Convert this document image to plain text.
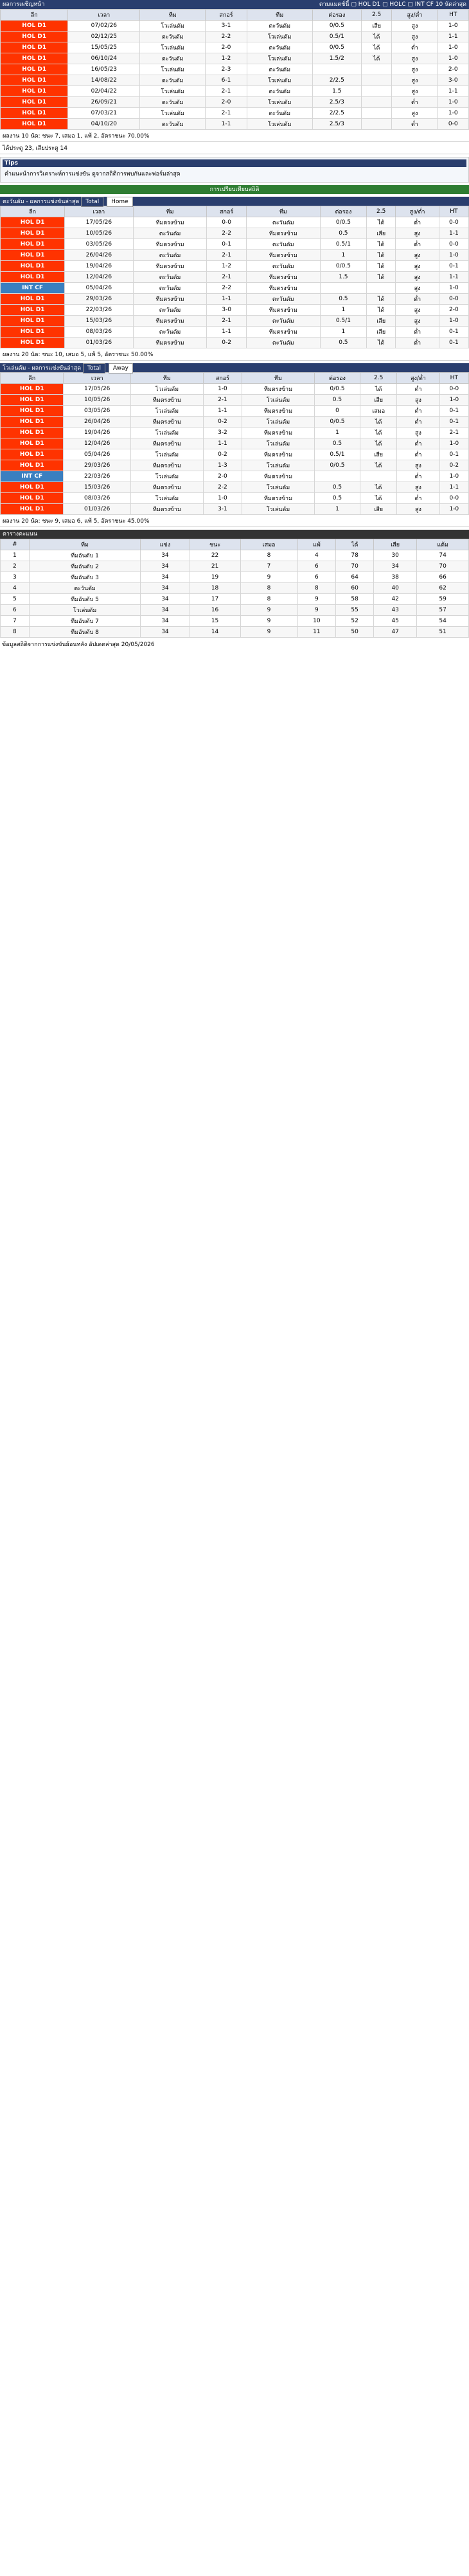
ผลการเผชิญหน้า	ตามแมตช์นี้ ▢ HOL D1 ▢ HOLC ▢ INT CF 10 นัดล่าสุด
ลีก	เวลา	ทีม	สกอร์	ทีม	ต่อรอง	2.5	สูง/ต่ำ	HT
HOL D1	07/02/26	โวเล่นดัม	3-1	ตะวันดัม	0/0.5	เสีย	สูง	1-0
HOL D1	02/12/25	ตะวันดัม	2-2	โวเล่นดัม	0.5/1	ได้	สูง	1-1
HOL D1	15/05/25	โวเล่นดัม	2-0	ตะวันดัม	0/0.5	ได้	ต่ำ	1-0
HOL D1	06/10/24	ตะวันดัม	1-2	โวเล่นดัม	1.5/2	ได้	สูง	1-0
HOL D1	16/05/23	โวเล่นดัม	2-3	ตะวันดัม			สูง	2-0
HOL D1	14/08/22	ตะวันดัม	6-1	โวเล่นดัม	2/2.5		สูง	3-0
HOL D1	02/04/22	โวเล่นดัม	2-1	ตะวันดัม	1.5		สูง	1-1
HOL D1	26/09/21	ตะวันดัม	2-0	โวเล่นดัม	2.5/3		ต่ำ	1-0
HOL D1	07/03/21	โวเล่นดัม	2-1	ตะวันดัม	2/2.5		สูง	1-0
HOL D1	04/10/20	ตะวันดัม	1-1	โวเล่นดัม	2.5/3		ต่ำ	0-0
ผลงาน 10 นัด: ชนะ 7, เสมอ 1, แพ้ 2, อัตราชนะ 70.00%
ได้ประตู 23, เสียประตู 14
Tips
คำแนะนำการวิเคราะห์การแข่งขัน ดูจากสถิติการพบกันและฟอร์มล่าสุด
การเปรียบเทียบสถิติ
ตะวันดัม - ผลการแข่งขันล่าสุด Total Home
ลีก	เวลา	ทีม	สกอร์	ทีม	ต่อรอง	2.5	สูง/ต่ำ	HT
HOL D1	17/05/26	ทีมตรงข้าม	0-0	ตะวันดัม	0/0.5	ได้	ต่ำ	0-0
HOL D1	10/05/26	ตะวันดัม	2-2	ทีมตรงข้าม	0.5	เสีย	สูง	1-1
HOL D1	03/05/26	ทีมตรงข้าม	0-1	ตะวันดัม	0.5/1	ได้	ต่ำ	0-0
HOL D1	26/04/26	ตะวันดัม	2-1	ทีมตรงข้าม	1	ได้	สูง	1-0
HOL D1	19/04/26	ทีมตรงข้าม	1-2	ตะวันดัม	0/0.5	ได้	สูง	0-1
HOL D1	12/04/26	ตะวันดัม	2-1	ทีมตรงข้าม	1.5	ได้	สูง	1-1
INT CF	05/04/26	ตะวันดัม	2-2	ทีมตรงข้าม			สูง	1-0
HOL D1	29/03/26	ทีมตรงข้าม	1-1	ตะวันดัม	0.5	ได้	ต่ำ	0-0
HOL D1	22/03/26	ตะวันดัม	3-0	ทีมตรงข้าม	1	ได้	สูง	2-0
HOL D1	15/03/26	ทีมตรงข้าม	2-1	ตะวันดัม	0.5/1	เสีย	สูง	1-0
HOL D1	08/03/26	ตะวันดัม	1-1	ทีมตรงข้าม	1	เสีย	ต่ำ	0-1
HOL D1	01/03/26	ทีมตรงข้าม	0-2	ตะวันดัม	0.5	ได้	ต่ำ	0-1
ผลงาน 20 นัด: ชนะ 10, เสมอ 5, แพ้ 5, อัตราชนะ 50.00%
โวเล่นดัม - ผลการแข่งขันล่าสุด Total Away
ลีก	เวลา	ทีม	สกอร์	ทีม	ต่อรอง	2.5	สูง/ต่ำ	HT
HOL D1	17/05/26	โวเล่นดัม	1-0	ทีมตรงข้าม	0/0.5	ได้	ต่ำ	0-0
HOL D1	10/05/26	ทีมตรงข้าม	2-1	โวเล่นดัม	0.5	เสีย	สูง	1-0
HOL D1	03/05/26	โวเล่นดัม	1-1	ทีมตรงข้าม	0	เสมอ	ต่ำ	0-1
HOL D1	26/04/26	ทีมตรงข้าม	0-2	โวเล่นดัม	0/0.5	ได้	ต่ำ	0-1
HOL D1	19/04/26	โวเล่นดัม	3-2	ทีมตรงข้าม	1	ได้	สูง	2-1
HOL D1	12/04/26	ทีมตรงข้าม	1-1	โวเล่นดัม	0.5	ได้	ต่ำ	1-0
HOL D1	05/04/26	โวเล่นดัม	0-2	ทีมตรงข้าม	0.5/1	เสีย	ต่ำ	0-1
HOL D1	29/03/26	ทีมตรงข้าม	1-3	โวเล่นดัม	0/0.5	ได้	สูง	0-2
INT CF	22/03/26	โวเล่นดัม	2-0	ทีมตรงข้าม			ต่ำ	1-0
HOL D1	15/03/26	ทีมตรงข้าม	2-2	โวเล่นดัม	0.5	ได้	สูง	1-1
HOL D1	08/03/26	โวเล่นดัม	1-0	ทีมตรงข้าม	0.5	ได้	ต่ำ	0-0
HOL D1	01/03/26	ทีมตรงข้าม	3-1	โวเล่นดัม	1	เสีย	สูง	1-0
ผลงาน 20 นัด: ชนะ 9, เสมอ 6, แพ้ 5, อัตราชนะ 45.00%
ตารางคะแนน
#	ทีม	แข่ง	ชนะ	เสมอ	แพ้	ได้	เสีย	แต้ม
1	ทีมอันดับ 1	34	22	8	4	78	30	74
2	ทีมอันดับ 2	34	21	7	6	70	34	70
3	ทีมอันดับ 3	34	19	9	6	64	38	66
4	ตะวันดัม	34	18	8	8	60	40	62
5	ทีมอันดับ 5	34	17	8	9	58	42	59
6	โวเล่นดัม	34	16	9	9	55	43	57
7	ทีมอันดับ 7	34	15	9	10	52	45	54
8	ทีมอันดับ 8	34	14	9	11	50	47	51
ข้อมูลสถิติจากการแข่งขันย้อนหลัง อัปเดตล่าสุด 20/05/2026
